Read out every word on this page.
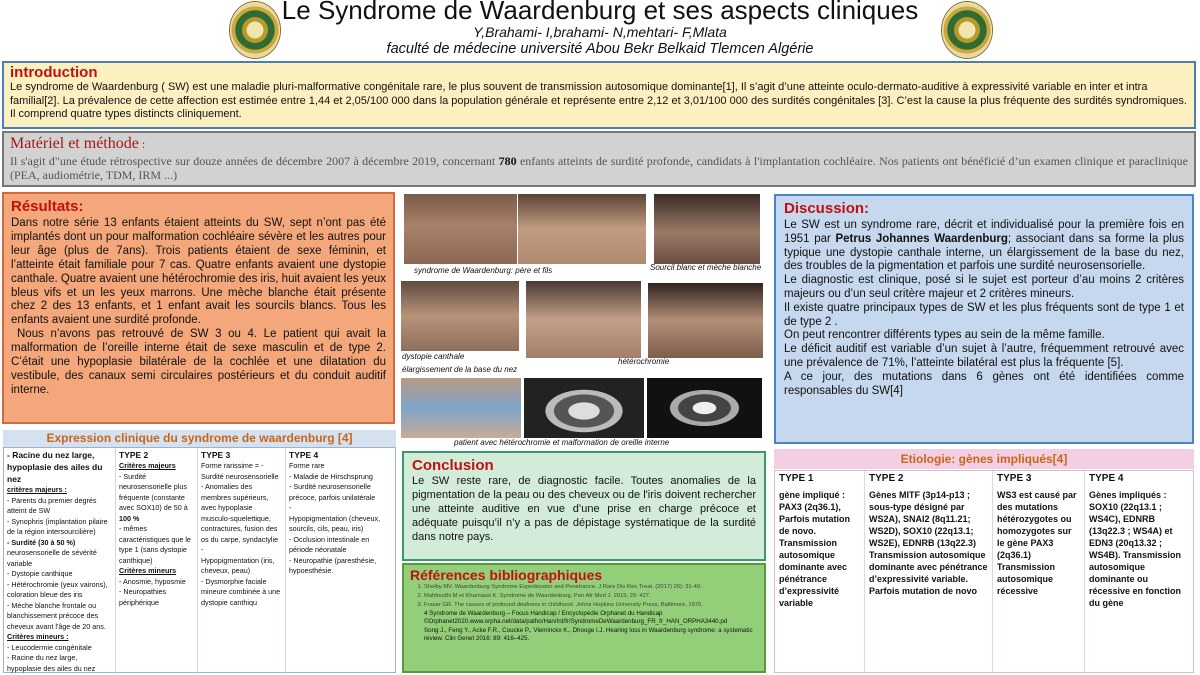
Le Syndrome de Waardenburg et ses aspects cliniques
Y,Brahami- I,brahami- N,mehtari- F,Mlata
faculté de médecine université Abou Bekr Belkaid Tlemcen Algérie
introduction

Le syndrome de Waardenburg ( SW) est une maladie pluri-malformative congénitale rare, le plus souvent de transmission autosomique dominante[1], Il s’agit d’une atteinte oculo-dermato-auditive à expressivité variable en inter et intra familial[2]. La prévalence de cette affection est estimée entre 1,44 et 2,05/100 000 dans la population générale et représente entre 2,12 et 3,01/100 000 des surdités congénitales [3]. C’est la cause la plus fréquente des surdités syndromiques. Il comprend quatre types distincts cliniquement.

Matériel et méthode :

Il s'agit d"une étude rétrospective sur douze années de décembre 2007 à décembre 2019, concernant 780 enfants atteints de surdité profonde, candidats à l'implantation cochléaire. Nos patients ont bénéficié d’un examen clinique et paraclinique (PEA, audiométrie, TDM, IRM ...)

Résultats:

Dans notre série 13 enfants étaient atteints du SW, sept n’ont pas été implantés dont un pour malformation cochléaire sévère et les autres pour leur âge (plus de 7ans). Trois patients étaient de sexe féminin, et l’atteinte était familiale pour 7 cas. Quatre enfants avaient une dystopie canthale. Quatre avaient une hétérochromie des iris, huit avaient les yeux bleus vifs et un les yeux marrons. Une mèche blanche était présente chez 2 des 13 enfants, et 1 enfant avait les sourcils blancs. Tous les enfants avaient une surdité profonde.

Nous n’avons pas retrouvé de SW 3 ou 4. Le patient qui avait la malformation de l’oreille interne était de sexe masculin et de type 2. C’était une hypoplasie bilatérale de la cochlée et une dilatation du vestibule, des canaux semi circulaires postérieurs et du conduit auditif interne.

Expression clinique du syndrome de waardenburg [4]
- Racine du nez large, hypoplasie des ailes du nez
critères majeurs :
- Parents du premier degrés atteint de SW
- Synophris (implantation pilaire de la région intersourcilière)
- Surdité (30 à 50 %)
neurosensorielle de sévérité variable
- Dystopie canthique
- Hétérochromie (yeux vairons), coloration bleue des iris
- Mèche blanche frontale ou blanchissement précoce des cheveux avant l'âge de 20 ans.
Critères mineurs :
- Leucodermie congénitale
- Racine du nez large, hypoplasie des ailes du nez
TYPE 2
Critères majeurs
- Surdité neurosensorielle plus fréquente (constante avec SOX10) de 50 à
100 %
- mêmes caractéristiques que le type 1 (sans dystopie canthique)
Critères mineurs
- Anosmie, hyposmie
- Neuropathies périphérique
TYPE 3
Forme rarissime = - Surdité neurosensorielle
- Anomalies des membres supérieurs, avec hypoplasie musculo-squelettique, contractures, fusion des os du carpe, syndactylie
-
Hypopigmentation (iris, cheveux, peau)
- Dysmorphie faciale mineure combinée à une dystopie canthiqu
TYPE 4
Forme rare
- Maladie de Hirschsprung
- Surdité neurosensorielle précoce, parfois unilatérale
-
Hypopigmentation (cheveux, sourcils, cils, peau, iris)
- Occlusion intestinale en période néonatale
- Neuropathie (paresthésie, hypoesthésie.
syndrome de Waardenburg: père et fils	Sourcil blanc et mèche blanche
dystopie canthale
élargissement de la base du nez
hétérochromie
patient avec hétérochromie et malformation de oreille interne
Discussion:

Le SW est un syndrome rare, décrit et individualisé pour la première fois en 1951 par Petrus Johannes Waardenburg; associant dans sa forme la plus typique une dystopie canthale interne, un élargissement de la base du nez, des troubles de la pigmentation et parfois une surdité neurosensorielle.

Le diagnostic est clinique, posé si le sujet est porteur d’au moins 2 critères majeurs ou d’un seul critère majeur et 2 critères mineurs.

Il existe quatre principaux types de SW et les plus fréquents sont de type 1 et de type 2 .

On peut rencontrer différents types au sein de la même famille.

Le déficit auditif est variable d’un sujet à l’autre, fréquemment retrouvé avec une prévalence de 71%, l’atteinte bilatéral est plus la fréquente [5].

A ce jour, des mutations dans 6 gènes ont été identifiées comme responsables du SW[4]

Conclusion

Le SW reste rare, de diagnostic facile. Toutes anomalies de la pigmentation de la peau ou des cheveux ou de l'iris doivent rechercher une atteinte auditive en vue d’une prise en charge précoce et adéquate puisqu’il n’y a pas de dépistage systématique de la surdité dans notre pays.

Références bibliographiques
1. Shelby MV. Waardenburg Syndrome Expedession and Penetrance. J Rare Dis Res Treat. (2017) 26): 31-40.
2. Mahfoudhi M et Khamassi K. Syndrome de Waardenburg. Pan Afr Med J. 2015; 20: 427.
3. Fraser GR. The causes of profound deafness in childhood. Johns Hopkins University Press, Baltimore, 1976.
4 Syndrome de Waardenburg – Focus Handicap / Encyclopédie Orphanet du Handicap ©Orphanet2020.www.orpha.net/data/patho/Han/Int/fr/SyndromeDeWaardenburg_FR_fr_HAN_ORPHA3440.pd
Song J., Feng Y., Acke F.R., Coucke P., Vleminckx K., Dhooge I.J. Hearing loss in Waardenburg syndrome: a systematic review. Clin Genet 2016: 89: 416–425.
Etiologie: gènes impliqués[4]
TYPE 1
gène impliqué : PAX3 (2q36.1), Parfois mutation de novo. Transmission autosomique dominante avec pénétrance d’expressivité variable
TYPE 2
Gènes MITF (3p14-p13 ; sous-type désigné par WS2A), SNAI2 (8q11.21; WS2D), SOX10 (22q13.1; WS2E), EDNRB (13q22.3) Transmission autosomique dominante avec pénétrance d’expressivité variable. Parfois mutation de novo
TYPE 3
WS3 est causé par des mutations hétérozygotes ou homozygotes sur le gène PAX3 (2q36.1) Transmission autosomique récessive
TYPE 4
Gènes impliqués : SOX10 (22q13.1 ; WS4C), EDNRB (13q22.3 ; WS4A) et EDN3 (20q13.32 ; WS4B). Transmission autosomique dominante ou récessive en fonction du gène
